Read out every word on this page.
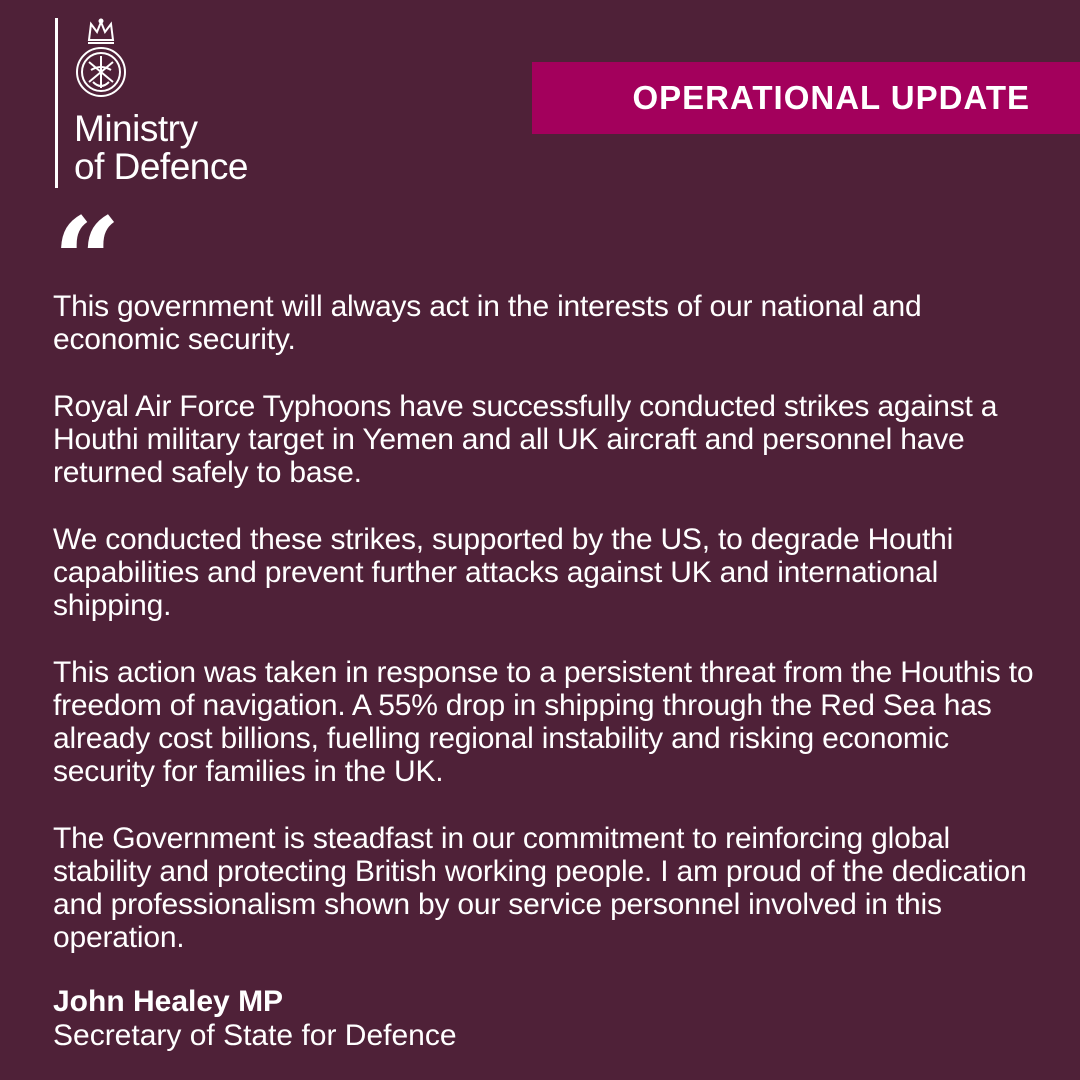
Ministry
of Defence
OPERATIONAL UPDATE
“

This government will always act in the interests of our national and economic security.

Royal Air Force Typhoons have successfully conducted strikes against a Houthi military target in Yemen and all UK aircraft and personnel have returned safely to base.

We conducted these strikes, supported by the US, to degrade Houthi capabilities and prevent further attacks against UK and international shipping.

This action was taken in response to a persistent threat from the Houthis to freedom of navigation. A 55% drop in shipping through the Red Sea has already cost billions, fuelling regional instability and risking economic security for families in the UK.

The Government is steadfast in our commitment to reinforcing global stability and protecting British working people. I am proud of the dedication and professionalism shown by our service personnel involved in this operation.

John Healey MP
Secretary of State for Defence
